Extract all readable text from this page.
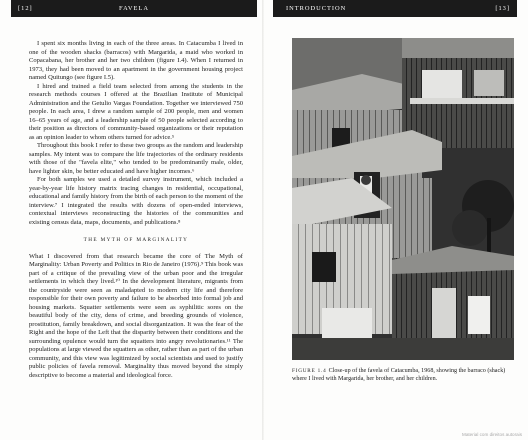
[12]	FAVELA

I spent six months living in each of the three areas. In Catacumba I lived in one of the wooden shacks (barracos) with Margarida, a maid who worked in Copacabana, her brother and her two children (figure I.4). When I returned in 1973, they had been moved to an apartment in the government housing project named Quitungo (see figure I.5).

I hired and trained a field team selected from among the students in the research methods courses I offered at the Brazilian Institute of Municipal Administration and the Getulio Vargas Foundation. Together we interviewed 750 people. In each area, I drew a random sample of 200 people, men and women 16–65 years of age, and a leadership sample of 50 people selected according to their position as directors of community-based organizations or their reputation as an opinion leader to whom others turned for advice.⁵

Throughout this book I refer to these two groups as the random and leadership samples. My intent was to compare the life trajectories of the ordinary residents with those of the "favela elite," who tended to be predominantly male, older, have lighter skin, be better educated and have higher incomes.⁶

For both samples we used a detailed survey instrument, which included a year-by-year life history matrix tracing changes in residential, occupational, educational and family history from the birth of each person to the moment of the interview.⁷ I integrated the results with dozens of open-ended interviews, contextual interviews reconstructing the histories of the communities and existing census data, maps, documents, and publications.⁸

THE MYTH OF MARGINALITY

What I discovered from that research became the core of The Myth of Marginality: Urban Poverty and Politics in Rio de Janeiro (1976).⁹ This book was part of a critique of the prevailing view of the urban poor and the irregular settlements in which they lived.¹⁰ In the development literature, migrants from the countryside were seen as maladapted to modern city life and therefore responsible for their own poverty and failure to be absorbed into formal job and housing markets. Squatter settlements were seen as syphilitic sores on the beautiful body of the city, dens of crime, and breeding grounds of violence, prostitution, family breakdown, and social disorganization. It was the fear of the Right and the hope of the Left that the disparity between their conditions and the surrounding opulence would turn the squatters into angry revolutionaries.¹¹ The populations at large viewed the squatters as other, rather than as part of the urban community, and this view was legitimized by social scientists and used to justify public policies of favela removal. Marginality thus moved beyond the simply descriptive to become a material and ideological force.

INTRODUCTION	[13]
FIGURE 1.4 Close-up of the favela of Catacumba, 1968, showing the barraco (shack) where I lived with Margarida, her brother, and her children.
Material com direitos autorais
